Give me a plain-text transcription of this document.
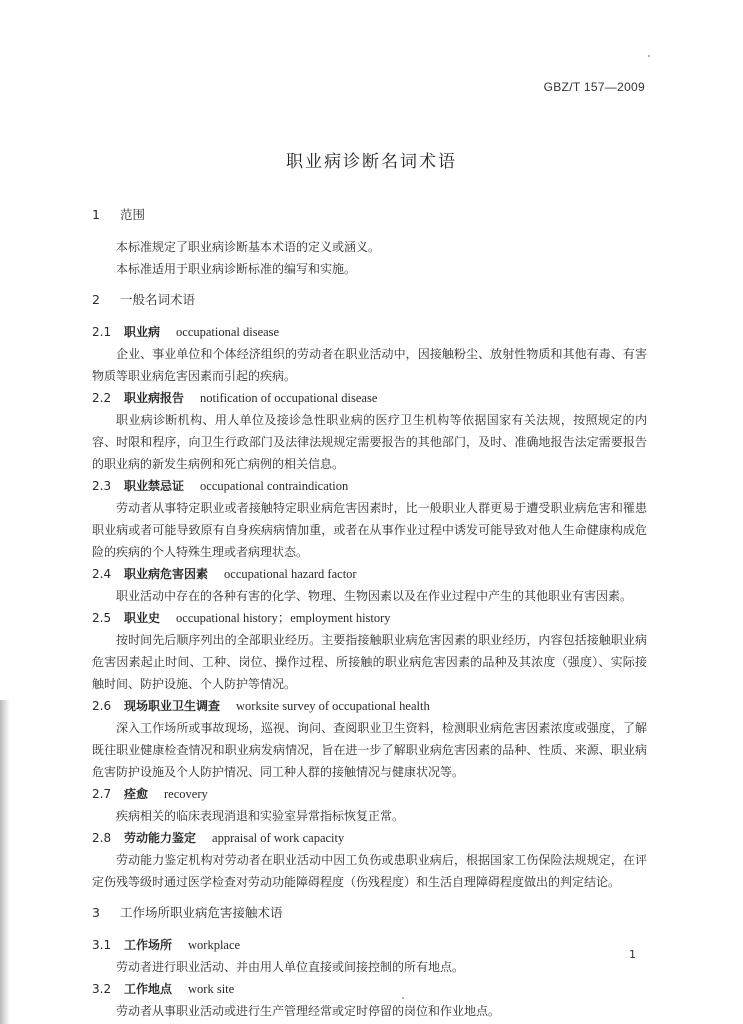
GBZ/T 157—2009
职业病诊断名词术语
1 范围

本标准规定了职业病诊断基本术语的定义或涵义。

本标准适用于职业病诊断标准的编写和实施。

2 一般名词术语
2.1 职业病 occupational disease

企业、事业单位和个体经济组织的劳动者在职业活动中，因接触粉尘、放射性物质和其他有毒、有害物质等职业病危害因素而引起的疾病。

2.2 职业病报告 notification of occupational disease

职业病诊断机构、用人单位及接诊急性职业病的医疗卫生机构等依据国家有关法规，按照规定的内容、时限和程序，向卫生行政部门及法律法规规定需要报告的其他部门，及时、准确地报告法定需要报告的职业病的新发生病例和死亡病例的相关信息。

2.3 职业禁忌证 occupational contraindication

劳动者从事特定职业或者接触特定职业病危害因素时，比一般职业人群更易于遭受职业病危害和罹患职业病或者可能导致原有自身疾病病情加重，或者在从事作业过程中诱发可能导致对他人生命健康构成危险的疾病的个人特殊生理或者病理状态。

2.4 职业病危害因素 occupational hazard factor

职业活动中存在的各种有害的化学、物理、生物因素以及在作业过程中产生的其他职业有害因素。

2.5 职业史 occupational history；employment history

按时间先后顺序列出的全部职业经历。主要指接触职业病危害因素的职业经历，内容包括接触职业病危害因素起止时间、工种、岗位、操作过程、所接触的职业病危害因素的品种及其浓度（强度）、实际接触时间、防护设施、个人防护等情况。

2.6 现场职业卫生调查 worksite survey of occupational health

深入工作场所或事故现场，巡视、询问、查阅职业卫生资料，检测职业病危害因素浓度或强度，了解既往职业健康检查情况和职业病发病情况，旨在进一步了解职业病危害因素的品种、性质、来源、职业病危害防护设施及个人防护情况、同工种人群的接触情况与健康状况等。

2.7 痊愈 recovery

疾病相关的临床表现消退和实验室异常指标恢复正常。

2.8 劳动能力鉴定 appraisal of work capacity

劳动能力鉴定机构对劳动者在职业活动中因工负伤或患职业病后，根据国家工伤保险法规规定，在评定伤残等级时通过医学检查对劳动功能障碍程度（伤残程度）和生活自理障碍程度做出的判定结论。

3 工作场所职业病危害接触术语
3.1 工作场所 workplace

劳动者进行职业活动、并由用人单位直接或间接控制的所有地点。

3.2 工作地点 work site

劳动者从事职业活动或进行生产管理经常或定时停留的岗位和作业地点。

1
